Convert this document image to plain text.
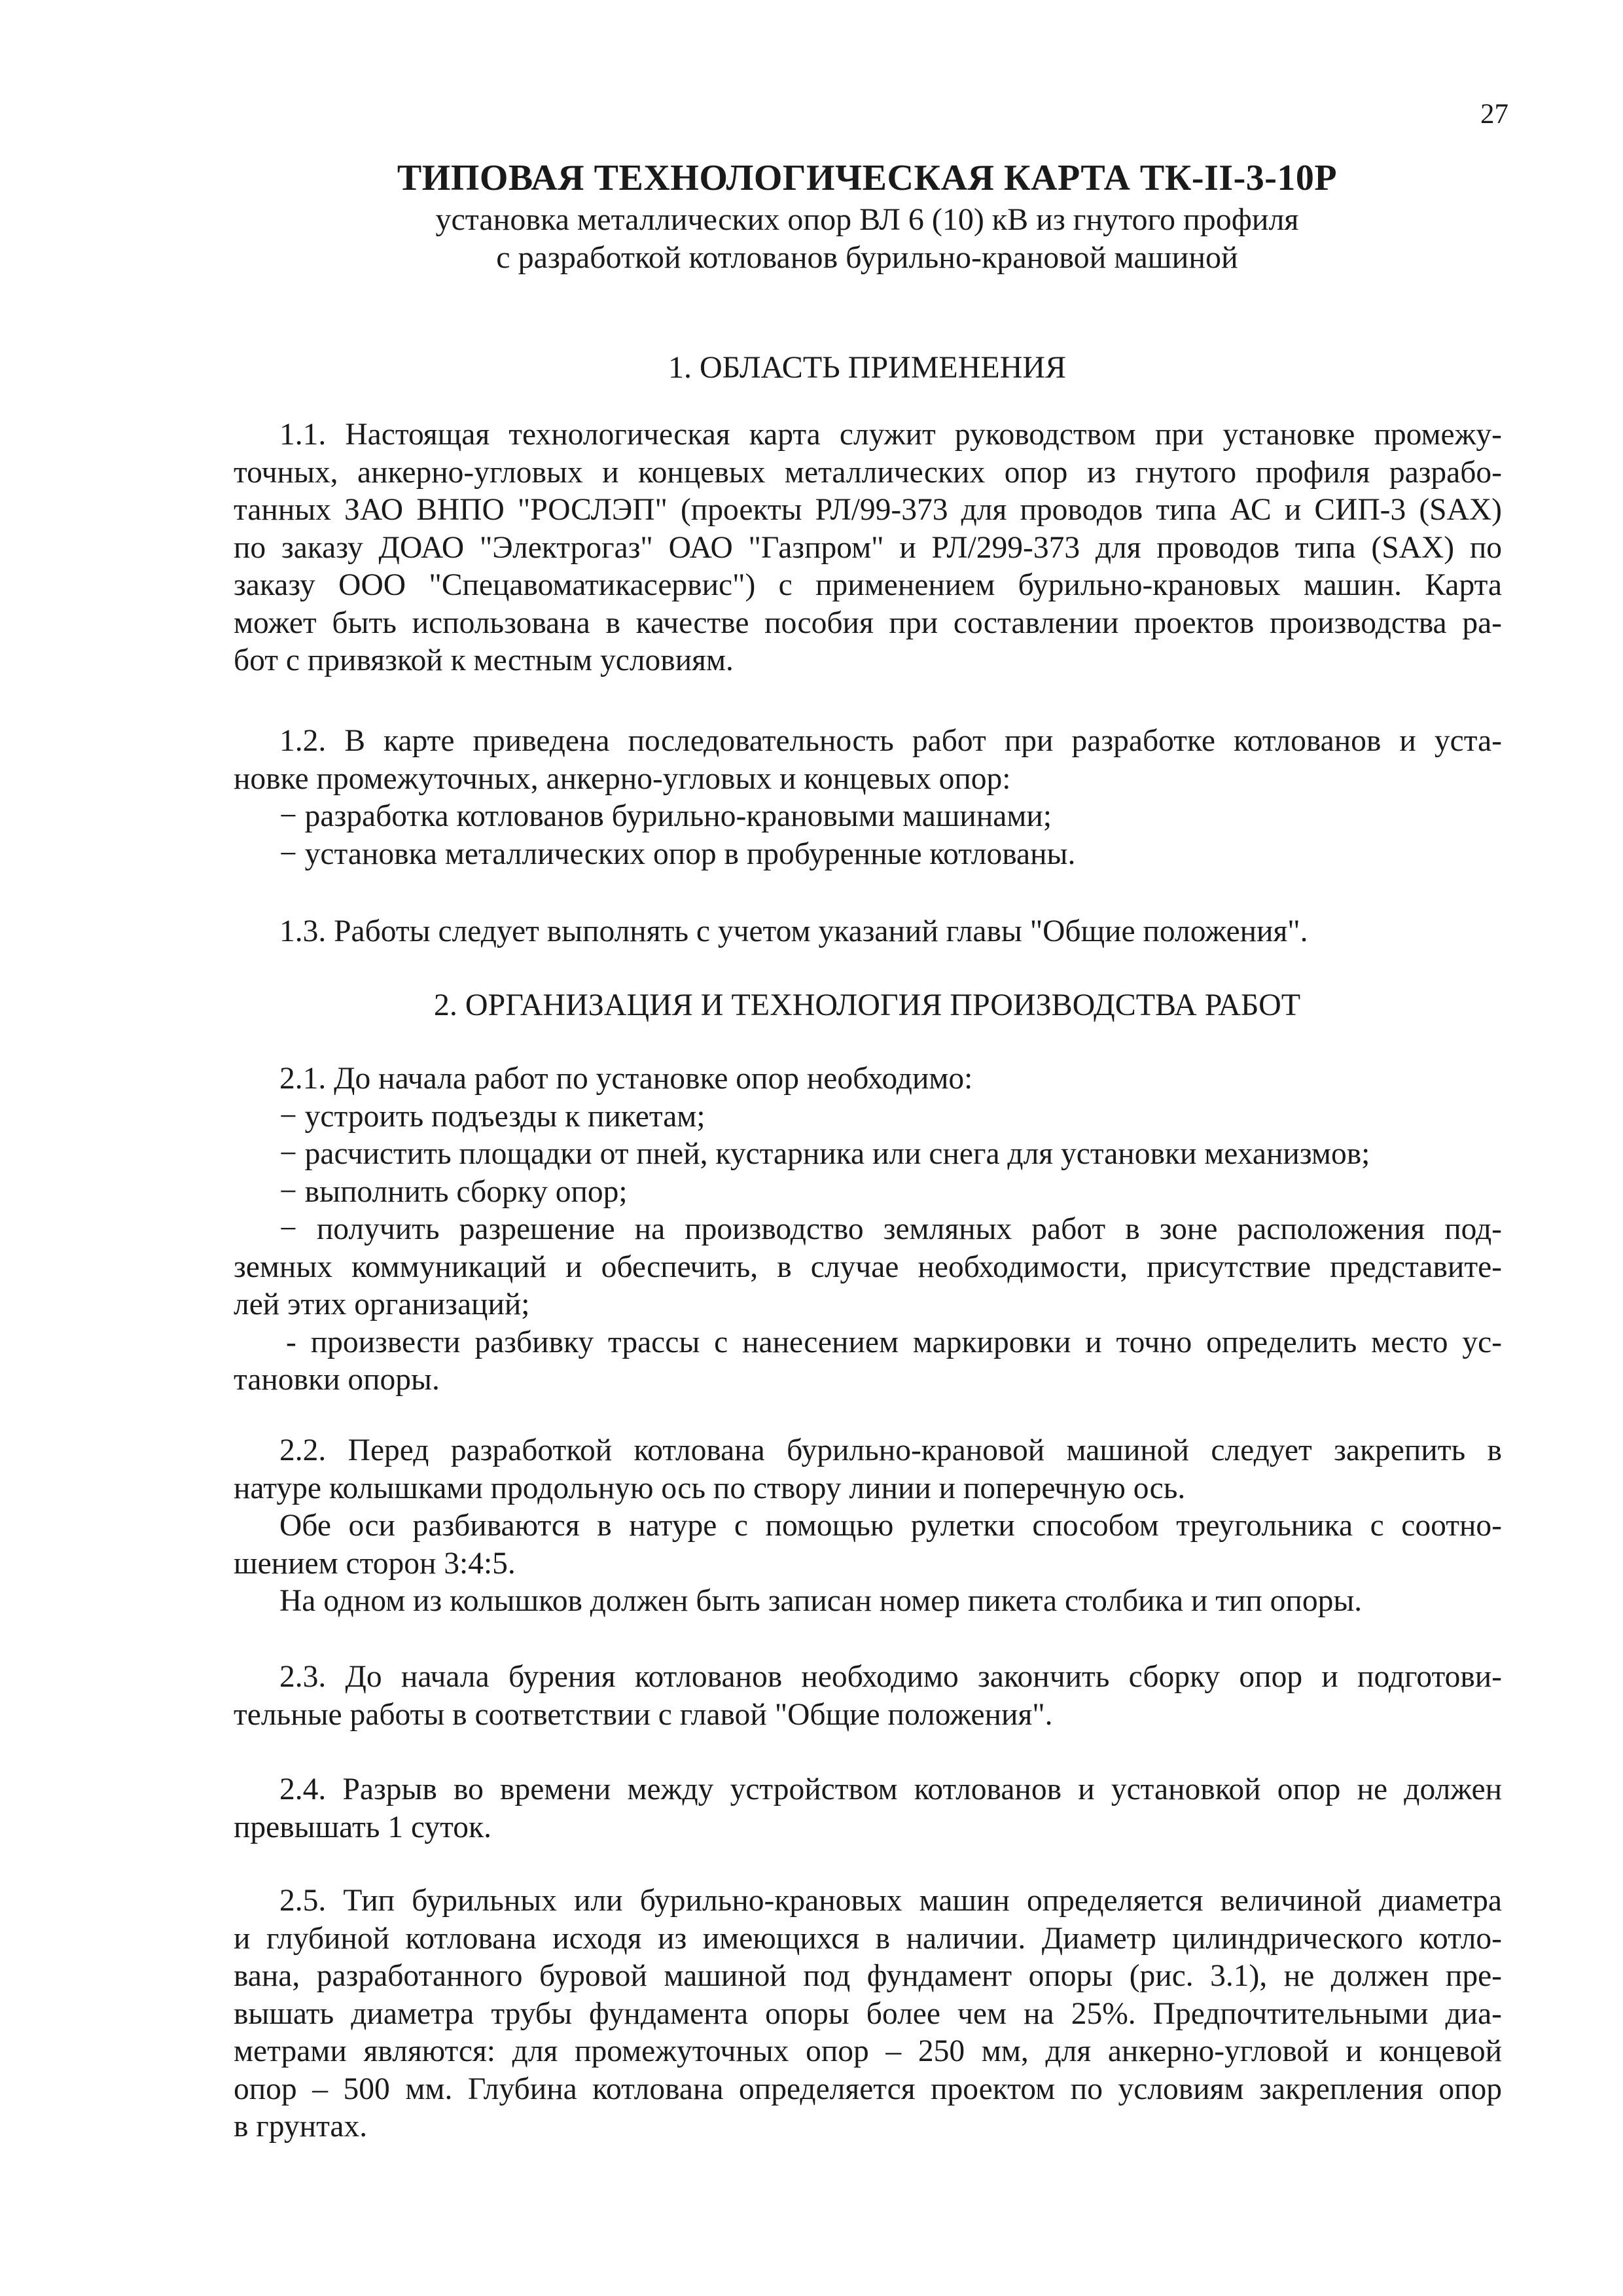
27
ТИПОВАЯ ТЕХНОЛОГИЧЕСКАЯ КАРТА ТК-II-3-10Р
установка металлических опор ВЛ 6 (10) кВ из гнутого профиля
с разработкой котлованов бурильно-крановой машиной
1. ОБЛАСТЬ ПРИМЕНЕНИЯ
1.1. Настоящая технологическая карта служит руководством при установке промежу-
точных, анкерно-угловых и концевых металлических опор из гнутого профиля разрабо-
танных ЗАО ВНПО "РОСЛЭП" (проекты РЛ/99-373 для проводов типа АС и СИП-3 (SAX)
по заказу ДОАО "Электрогаз" ОАО "Газпром" и РЛ/299-373 для проводов типа (SAX) по
заказу ООО "Спецавоматикасервис") с применением бурильно-крановых машин. Карта
может быть использована в качестве пособия при составлении проектов производства ра-
бот с привязкой к местным условиям.
1.2. В карте приведена последовательность работ при разработке котлованов и уста-
новке промежуточных, анкерно-угловых и концевых опор:
− разработка котлованов бурильно-крановыми машинами;
− установка металлических опор в пробуренные котлованы.
1.3. Работы следует выполнять с учетом указаний главы "Общие положения".
2. ОРГАНИЗАЦИЯ И ТЕХНОЛОГИЯ ПРОИЗВОДСТВА РАБОТ
2.1. До начала работ по установке опор необходимо:
− устроить подъезды к пикетам;
− расчистить площадки от пней, кустарника или снега для установки механизмов;
− выполнить сборку опор;
− получить разрешение на производство земляных работ в зоне расположения под-
земных коммуникаций и обеспечить, в случае необходимости, присутствие представите-
лей этих организаций;
- произвести разбивку трассы с нанесением маркировки и точно определить место ус-
тановки опоры.
2.2. Перед разработкой котлована бурильно-крановой машиной следует закрепить в
натуре колышками продольную ось по створу линии и поперечную ось.
Обе оси разбиваются в натуре с помощью рулетки способом треугольника с соотно-
шением сторон 3:4:5.
На одном из колышков должен быть записан номер пикета столбика и тип опоры.
2.3. До начала бурения котлованов необходимо закончить сборку опор и подготови-
тельные работы в соответствии с главой "Общие положения".
2.4. Разрыв во времени между устройством котлованов и установкой опор не должен
превышать 1 суток.
2.5. Тип бурильных или бурильно-крановых машин определяется величиной диаметра
и глубиной котлована исходя из имеющихся в наличии. Диаметр цилиндрического котло-
вана, разработанного буровой машиной под фундамент опоры (рис. 3.1), не должен пре-
вышать диаметра трубы фундамента опоры более чем на 25%. Предпочтительными диа-
метрами являются: для промежуточных опор – 250 мм, для анкерно-угловой и концевой
опор – 500 мм. Глубина котлована определяется проектом по условиям закрепления опор
в грунтах.
